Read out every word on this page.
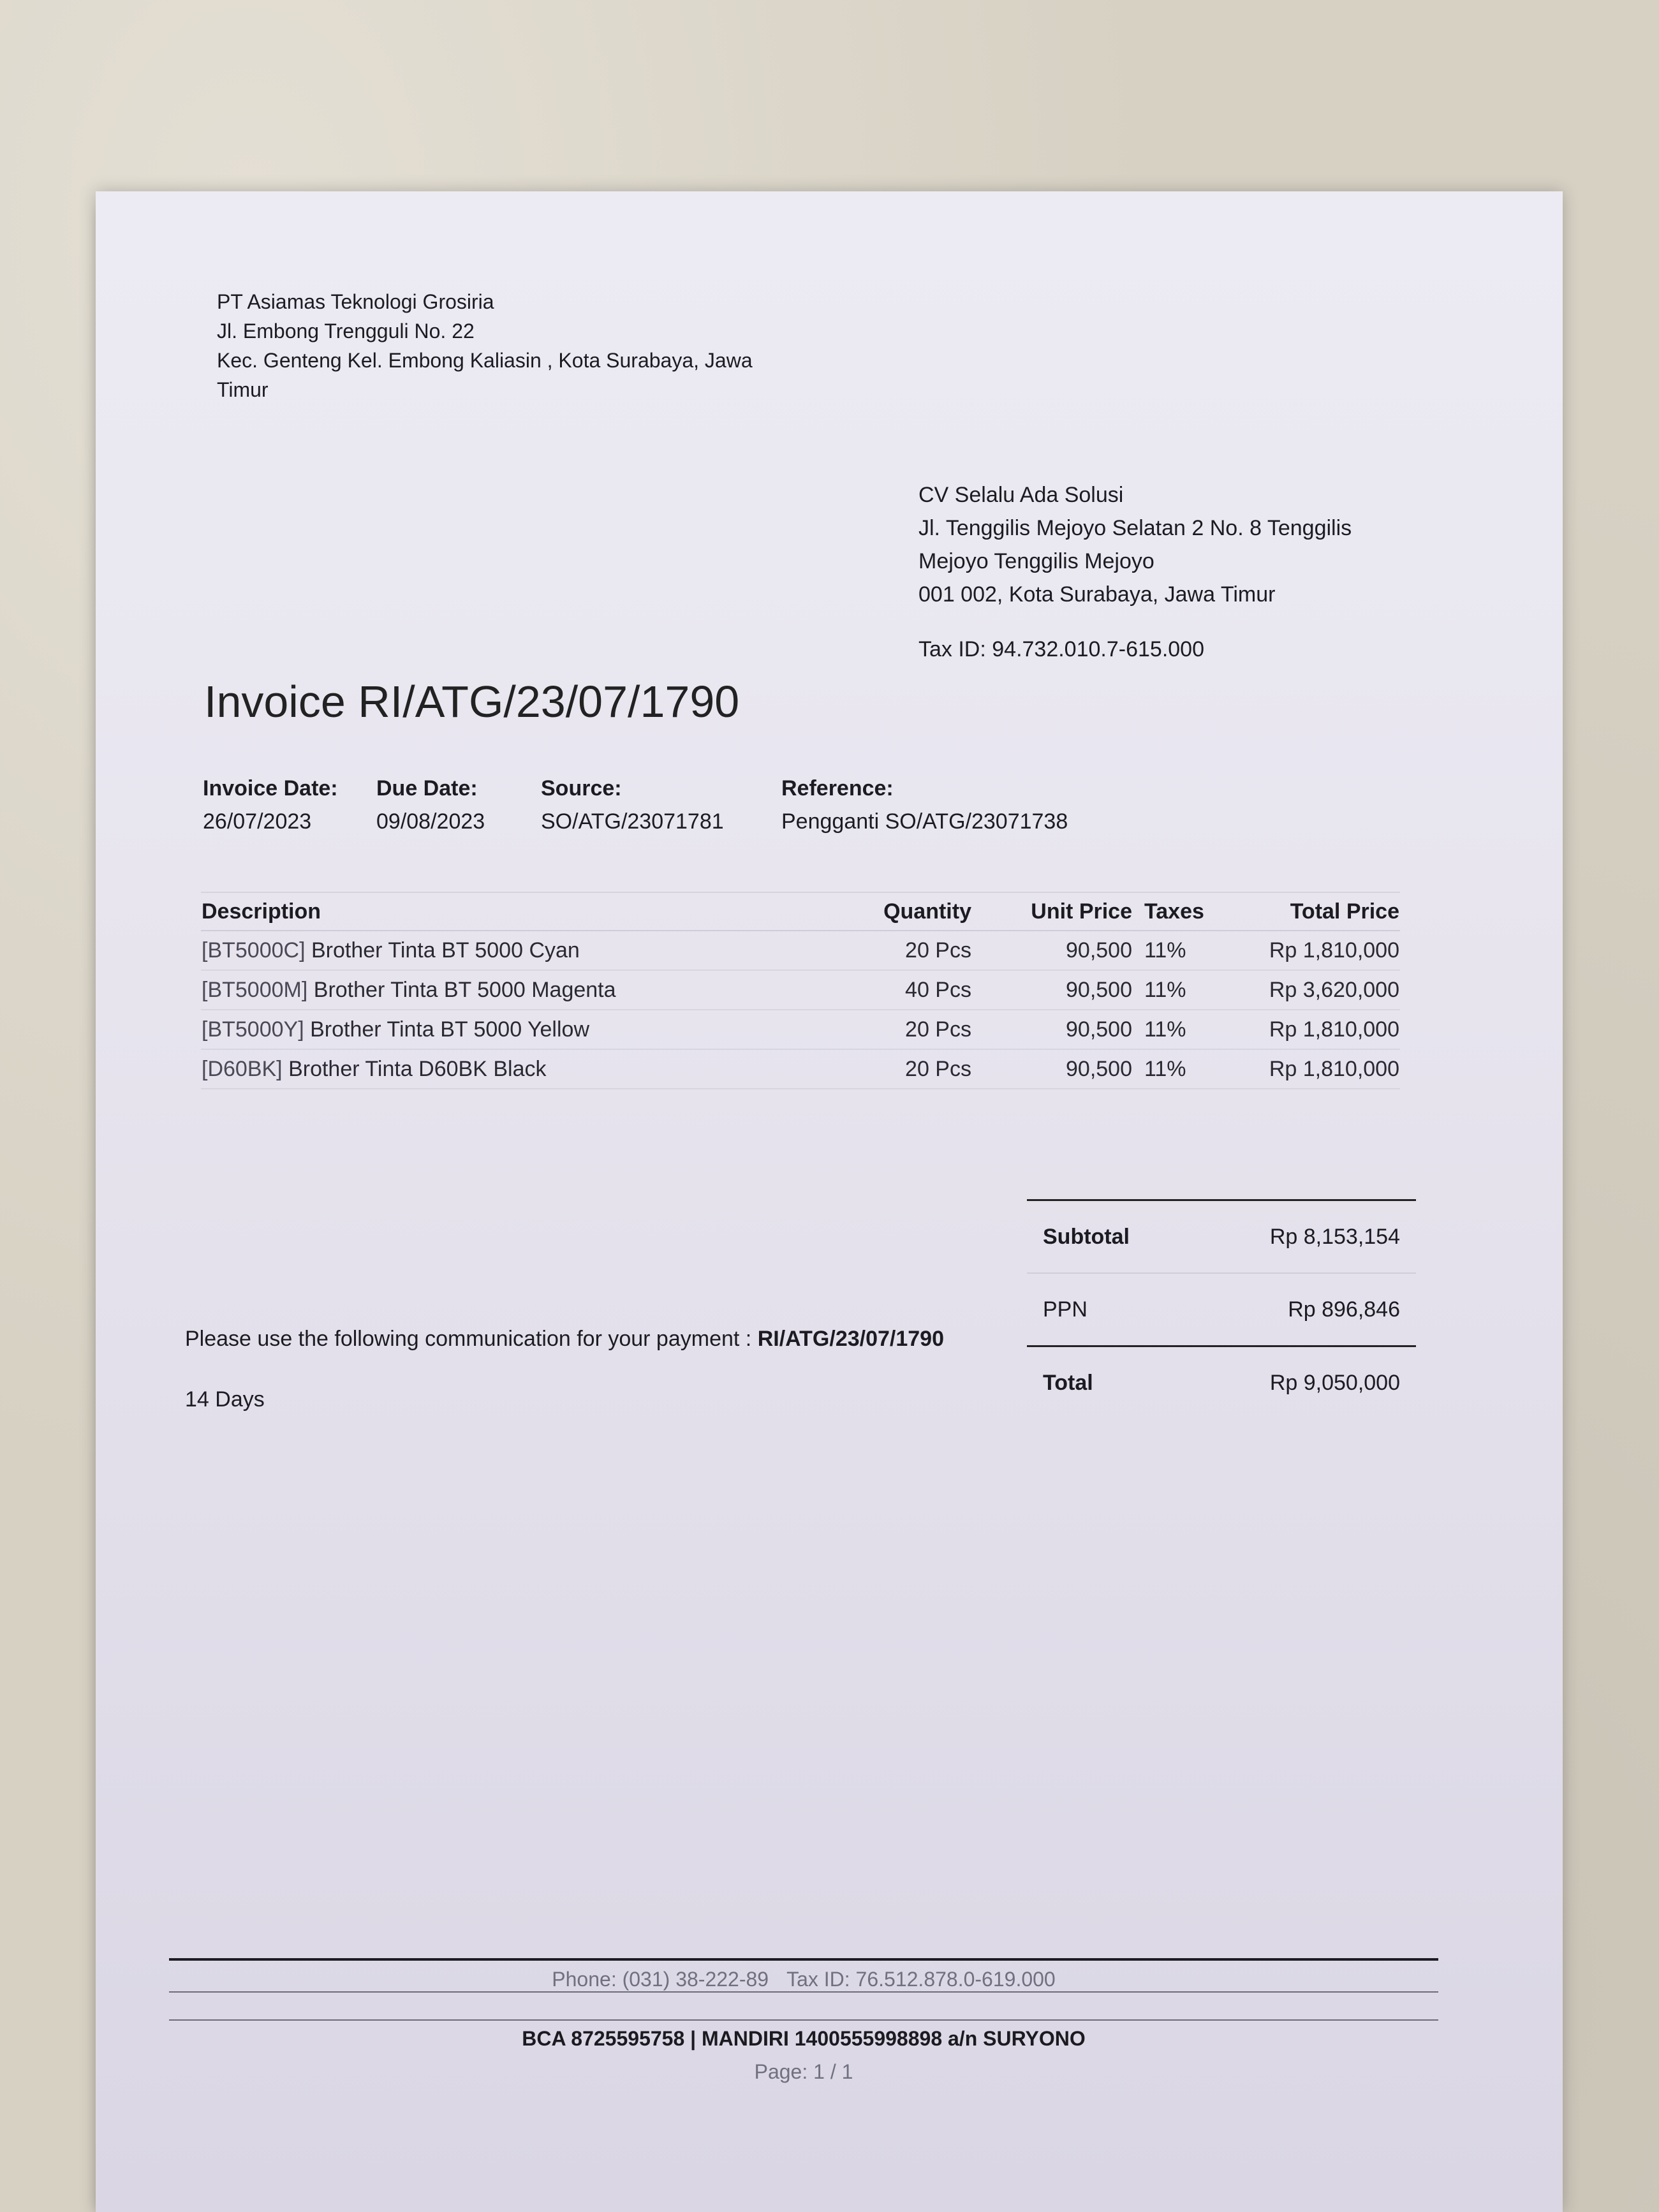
PT Asiamas Teknologi Grosiria
Jl. Embong Trengguli No. 22
Kec. Genteng Kel. Embong Kaliasin , Kota Surabaya, Jawa
Timur
CV Selalu Ada Solusi
Jl. Tenggilis Mejoyo Selatan 2 No. 8 Tenggilis
Mejoyo Tenggilis Mejoyo
001 002, Kota Surabaya, Jawa Timur
Tax ID: 94.732.010.7-615.000
Invoice RI/ATG/23/07/1790
Invoice Date:
26/07/2023
Due Date:
09/08/2023
Source:
SO/ATG/23071781
Reference:
Pengganti SO/ATG/23071738
Description	Quantity	Unit Price	Taxes	Total Price
[BT5000C] Brother Tinta BT 5000 Cyan	20 Pcs	90,500	11%	Rp 1,810,000
[BT5000M] Brother Tinta BT 5000 Magenta	40 Pcs	90,500	11%	Rp 3,620,000
[BT5000Y] Brother Tinta BT 5000 Yellow	20 Pcs	90,500	11%	Rp 1,810,000
[D60BK] Brother Tinta D60BK Black	20 Pcs	90,500	11%	Rp 1,810,000
Subtotal	Rp 8,153,154
PPN	Rp 896,846
Total	Rp 9,050,000
Please use the following communication for your payment : RI/ATG/23/07/1790
14 Days
Phone: (031) 38-222-89 Tax ID: 76.512.878.0-619.000
BCA 8725595758 | MANDIRI 1400555998898 a/n SURYONO
Page: 1 / 1
